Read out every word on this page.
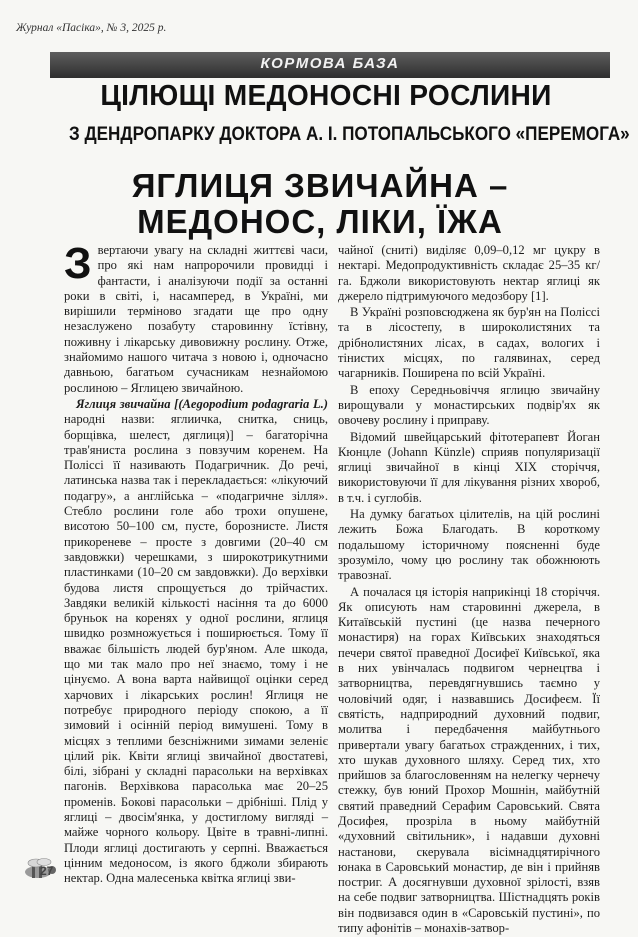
Журнал «Пасіка», № 3, 2025 р.
КОРМОВА БАЗА
ЦІЛЮЩІ МЕДОНОСНІ РОСЛИНИ
З ДЕНДРОПАРКУ ДОКТОРА А. І. ПОТОПАЛЬСЬКОГО «ПЕРЕМОГА»
ЯГЛИЦЯ ЗВИЧАЙНА –
МЕДОНОС, ЛІКИ, ЇЖА

Звертаючи увагу на складні життєві часи, про які нам напророчили провидці і фантасти, і аналізуючи події за останні роки в світі, і, насамперед, в Україні, ми вирішили терміново згадати ще про одну незаслужено позабуту старовинну їстівну, поживну і лікарську дивовижну рослину. Отже, знайомимо нашого читача з новою і, одночасно давньою, багатьом сучасникам незнайомою рослиною – Яглицею звичайною.

Яглиця звичайна [(Aegopodium podagraria L.) народні назви: яглиичка, снитка, сниць, борщівка, шелест, дяглиця)] – багаторічна трав'яниста рослина з повзучим коренем. На Поліссі її називають Подагричник. До речі, латинська назва так і перекладається: «лікуючий подагру», а англійська – «подагричне зілля». Стебло рослини голе або трохи опушене, висотою 50–100 см, пусте, борознисте. Листя прикореневе – просте з довгими (20–40 см завдовжки) черешками, з широкотрикутними пластинками (10–20 см завдовжки). До верхівки будова листя спрощується до трійчастих. Завдяки великій кількості насіння та до 6000 бруньок на коренях у одної рослини, яглиця швидко розмножується і поширюється. Тому її вважає більшість людей бур'яном. Але шкода, що ми так мало про неї знаємо, тому і не цінуємо. А вона варта найвищої оцінки серед харчових і лікарських рослин! Яглиця не потребує природного періоду спокою, а її зимовий і осінній період вимушені. Тому в місцях з теплими безсніжними зимами зеленіє цілий рік. Квіти яглиці звичайної двостатеві, білі, зібрані у складні парасольки на верхівках пагонів. Верхівкова парасолька має 20–25 променів. Бокові парасольки – дрібніші. Плід у яглиці – двосім'янка, у достиглому вигляді – майже чорного кольору. Цвіте в травні-липні. Плоди яглиці достигають у серпні. Вважається цінним медоносом, із якого бджоли збирають нектар. Одна малесенька квітка яглиці зви-

чайної (сниті) виділяє 0,09–0,12 мг цукру в нектарі. Медопродуктивність складає 25–35 кг/га. Бджоли використовують нектар яглиці як джерело підтримуючого медозбору [1].

В Україні розповсюджена як бур'ян на Поліссі та в лісостепу, в широколистяних та дрібнолистяних лісах, в садах, вологих і тінистих місцях, по галявинах, серед чагарників. Поширена по всій Україні.

В епоху Середньовіччя яглицю звичайну вирощували у монастирських подвір'ях як овочеву рослину і приправу.

Відомий швейцарський фітотерапевт Йоган Кюнцле (Johann Künzle) сприяв популяризації яглиці звичайної в кінці ХІХ сторіччя, використовуючи її для лікування різних хвороб, в т.ч. і суглобів.

На думку багатьох цілителів, на цій рослині лежить Божа Благодать. В короткому подальшому історичному поясненні буде зрозуміло, чому цю рослину так обожнюють травознаї.

А почалася ця історія наприкінці 18 сторіччя. Як описують нам старовинні джерела, в Китаївській пустині (це назва печерного монастиря) на горах Київських знаходяться печери святої праведної Досифеї Київської, яка в них увінчалась подвигом чернецтва і затворництва, перевдягнувшись таємно у чоловічий одяг, і назвавшись Досифеєм. Її святість, надприродний духовний подвиг, молитва і передбачення майбутнього привертали увагу багатьох стражденних, і тих, хто шукав духовного шляху. Серед тих, хто прийшов за благословенням на нелегку чернечу стежку, був юний Прохор Мошнін, майбутній святий праведний Серафим Саровський. Свята Досифея, прозріла в ньому майбутній «духовний світильник», і надавши духовні настанови, скерувала вісімнадцятирічного юнака в Саровський монастир, де він і прийняв постриг. А досягнувши духовної зрілості, взяв на себе подвиг затворництва. Шістнадцять років він подвизався один в «Саровській пустині», по типу афонітів – монахів-затвор-

27
